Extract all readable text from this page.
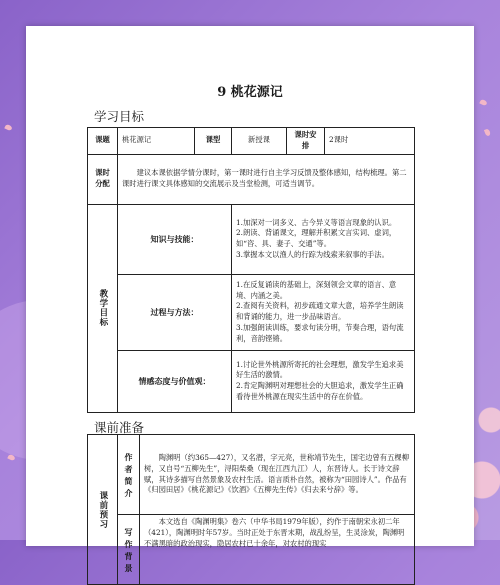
9 桃花源记
学习目标
课题	桃花源记	课型	新授课	课时安排	2课时
课时分配	建议本课依据学情分课时，第一课时进行自主学习反馈及整体感知，结构梳理。第二课时进行课文具体感知的交流展示及当堂检测，可适当调节。				
教学目标	知识与技能：		1.加深对一词多义、古今异义等语言现象的认识。
2.朗读、背诵课文，理解并积累文言实词、虚词，如“咨、具、妻子、交通”等。
3.掌握本文以渔人的行踪为线索来叙事的手法。		

	过程与方法：		1.在反复诵读的基础上，深刻领会文章的语言、意境、内涵之美。
2.查阅有关资料，初步疏通文章大意，培养学生朗读和背诵的能力，进一步品味语言。
3.加强朗读训练，要求句读分明，节奏合理，语句流利，音韵铿锵。		

	情感态度与价值观：		1.讨论世外桃源所寄托的社会理想，激发学生追求美好生活的激情。
2.肯定陶渊明对理想社会的大胆追求，激发学生正确看待世外桃源在现实生活中的存在价值。		
课前准备
课前预习	作者简介	陶渊明（约365—427），又名潜，字元亮，世称靖节先生，国宅边曾有五棵柳树，又自号“五柳先生”，浔阳柴桑（现在江西九江）人，东晋诗人。长于诗文辞赋，其诗多描写自然景象及农村生活。语言质朴自然，被称为“田园诗人”。作品有《归园田居》《桃花源记》《饮酒》《五柳先生传》《归去来兮辞》等。
	写作背景	本文选自《陶渊明集》卷六（中华书局1979年版），约作于南朝宋永初二年（421），陶渊明时年57岁。当时正处于东晋末期，战乱纷呈，生灵涂炭，陶渊明不满黑暗的政治现实，隐居农村已十余年，对农村的现实
